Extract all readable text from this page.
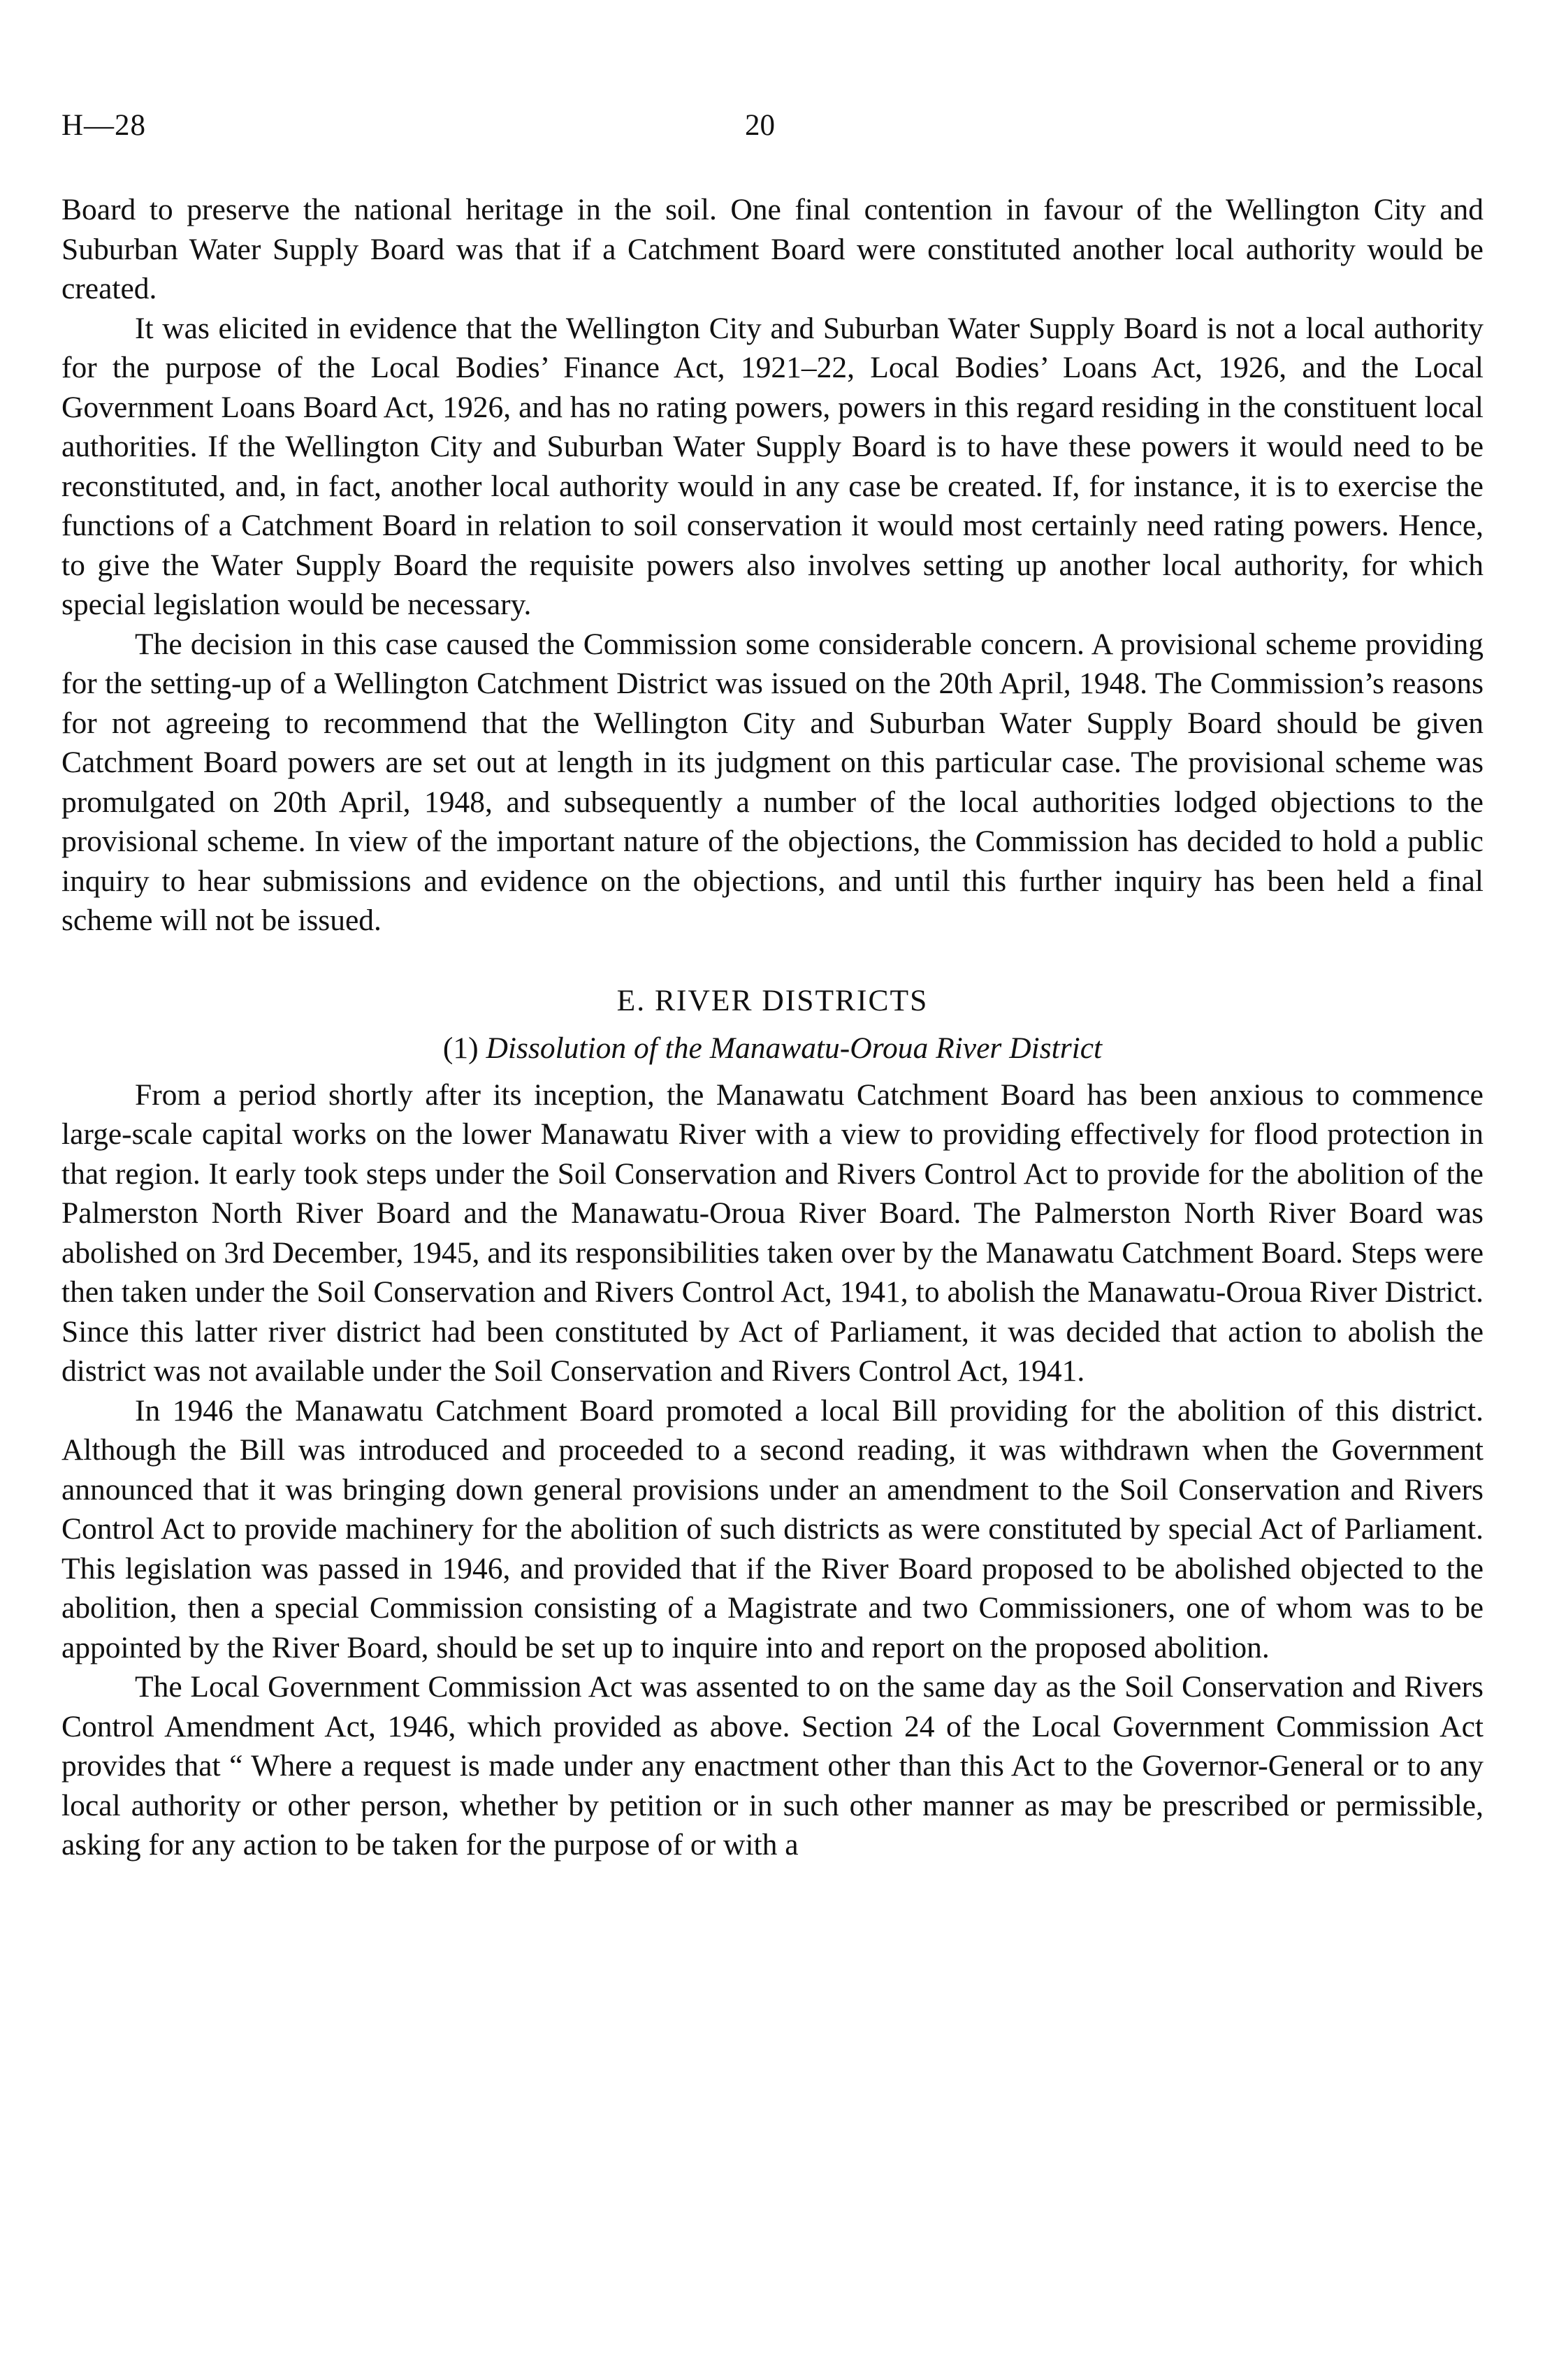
H—28	20

Board to preserve the national heritage in the soil. One final contention in favour of the Wellington City and Suburban Water Supply Board was that if a Catchment Board were constituted another local authority would be created.

It was elicited in evidence that the Wellington City and Suburban Water Supply Board is not a local authority for the purpose of the Local Bodies’ Finance Act, 1921–22, Local Bodies’ Loans Act, 1926, and the Local Government Loans Board Act, 1926, and has no rating powers, powers in this regard residing in the constituent local authorities. If the Wellington City and Suburban Water Supply Board is to have these powers it would need to be reconstituted, and, in fact, another local authority would in any case be created. If, for instance, it is to exercise the functions of a Catchment Board in relation to soil conservation it would most certainly need rating powers. Hence, to give the Water Supply Board the requisite powers also involves setting up another local authority, for which special legislation would be necessary.

The decision in this case caused the Commission some considerable concern. A provisional scheme providing for the setting-up of a Wellington Catchment District was issued on the 20th April, 1948. The Commission’s reasons for not agreeing to recommend that the Wellington City and Suburban Water Supply Board should be given Catchment Board powers are set out at length in its judgment on this particular case. The provisional scheme was promulgated on 20th April, 1948, and subsequently a number of the local authorities lodged objections to the provisional scheme. In view of the important nature of the objections, the Commission has decided to hold a public inquiry to hear submissions and evidence on the objections, and until this further inquiry has been held a final scheme will not be issued.

E. RIVER DISTRICTS
(1) Dissolution of the Manawatu-Oroua River District

From a period shortly after its inception, the Manawatu Catchment Board has been anxious to commence large-scale capital works on the lower Manawatu River with a view to providing effectively for flood protection in that region. It early took steps under the Soil Conservation and Rivers Control Act to provide for the abolition of the Palmerston North River Board and the Manawatu-Oroua River Board. The Palmerston North River Board was abolished on 3rd December, 1945, and its responsibilities taken over by the Manawatu Catchment Board. Steps were then taken under the Soil Conservation and Rivers Control Act, 1941, to abolish the Manawatu-Oroua River District. Since this latter river district had been constituted by Act of Parliament, it was decided that action to abolish the district was not available under the Soil Conservation and Rivers Control Act, 1941.

In 1946 the Manawatu Catchment Board promoted a local Bill providing for the abolition of this district. Although the Bill was introduced and proceeded to a second reading, it was withdrawn when the Government announced that it was bringing down general provisions under an amendment to the Soil Conservation and Rivers Control Act to provide machinery for the abolition of such districts as were constituted by special Act of Parliament. This legislation was passed in 1946, and provided that if the River Board proposed to be abolished objected to the abolition, then a special Commission consisting of a Magistrate and two Commissioners, one of whom was to be appointed by the River Board, should be set up to inquire into and report on the proposed abolition.

The Local Government Commission Act was assented to on the same day as the Soil Conservation and Rivers Control Amendment Act, 1946, which provided as above. Section 24 of the Local Government Commission Act provides that “ Where a request is made under any enactment other than this Act to the Governor-General or to any local authority or other person, whether by petition or in such other manner as may be prescribed or permissible, asking for any action to be taken for the purpose of or with a
